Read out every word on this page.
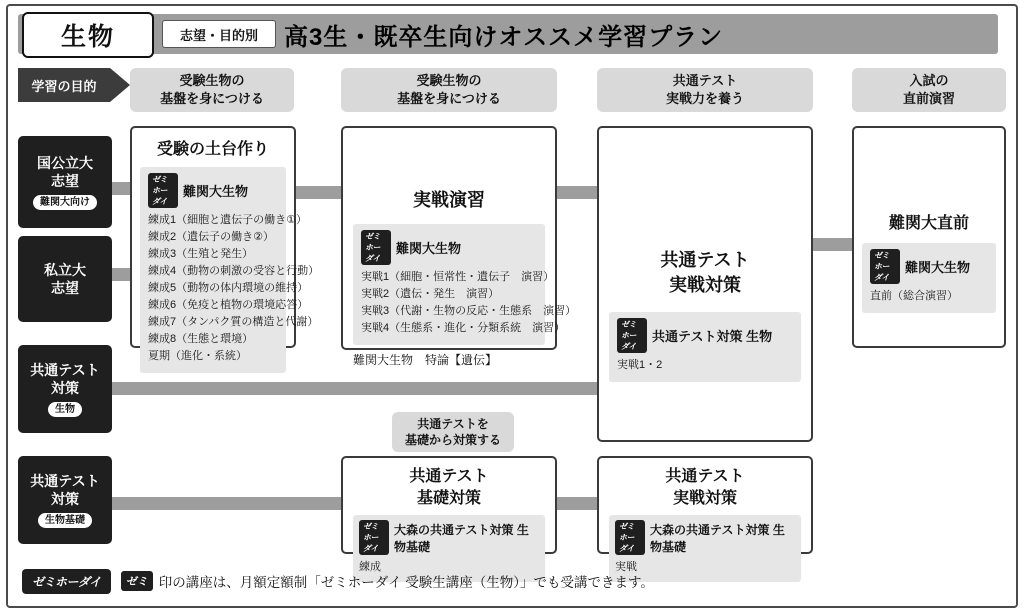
生物	志望・目的別 高3生・既卒生向けオススメ学習プラン
学習の目的	受験生物の
基盤を身につける
受験生物の
基盤を身につける
共通テスト
実戦力を養う
入試の
直前演習
国公立大
志望
難関大向け
私立大
志望
共通テスト
対策
生物
共通テスト
対策
生物基礎
受験の土台作り
ゼミホーダイ
難関大生物
練成1（細胞と遺伝子の働き①）
練成2（遺伝子の働き②）
練成3（生殖と発生）
練成4（動物の刺激の受容と行動）
練成5（動物の体内環境の維持）
練成6（免疫と植物の環境応答）
練成7（タンパク質の構造と代謝）
練成8（生態と環境）
夏期（進化・系統）
実戦演習
ゼミホーダイ
難関大生物
実戦1（細胞・恒常性・遺伝子　演習）
実戦2（遺伝・発生　演習）
実戦3（代謝・生物の反応・生態系　演習）
実戦4（生態系・進化・分類系統　演習）
難関大生物　特論【遺伝】
共通テスト
実戦対策
ゼミホーダイ
共通テスト対策 生物
実戦1・2
難関大直前
ゼミホーダイ
難関大生物
直前（総合演習）
共通テストを
基礎から対策する
共通テスト
基礎対策
ゼミホーダイ
大森の共通テスト対策 生物基礎
練成
共通テスト
実戦対策
ゼミホーダイ
大森の共通テスト対策 生物基礎
実戦
ゼミホーダイ	ゼミ 印の講座は、月額定額制「ゼミホーダイ 受験生講座（生物）」でも受講できます。
